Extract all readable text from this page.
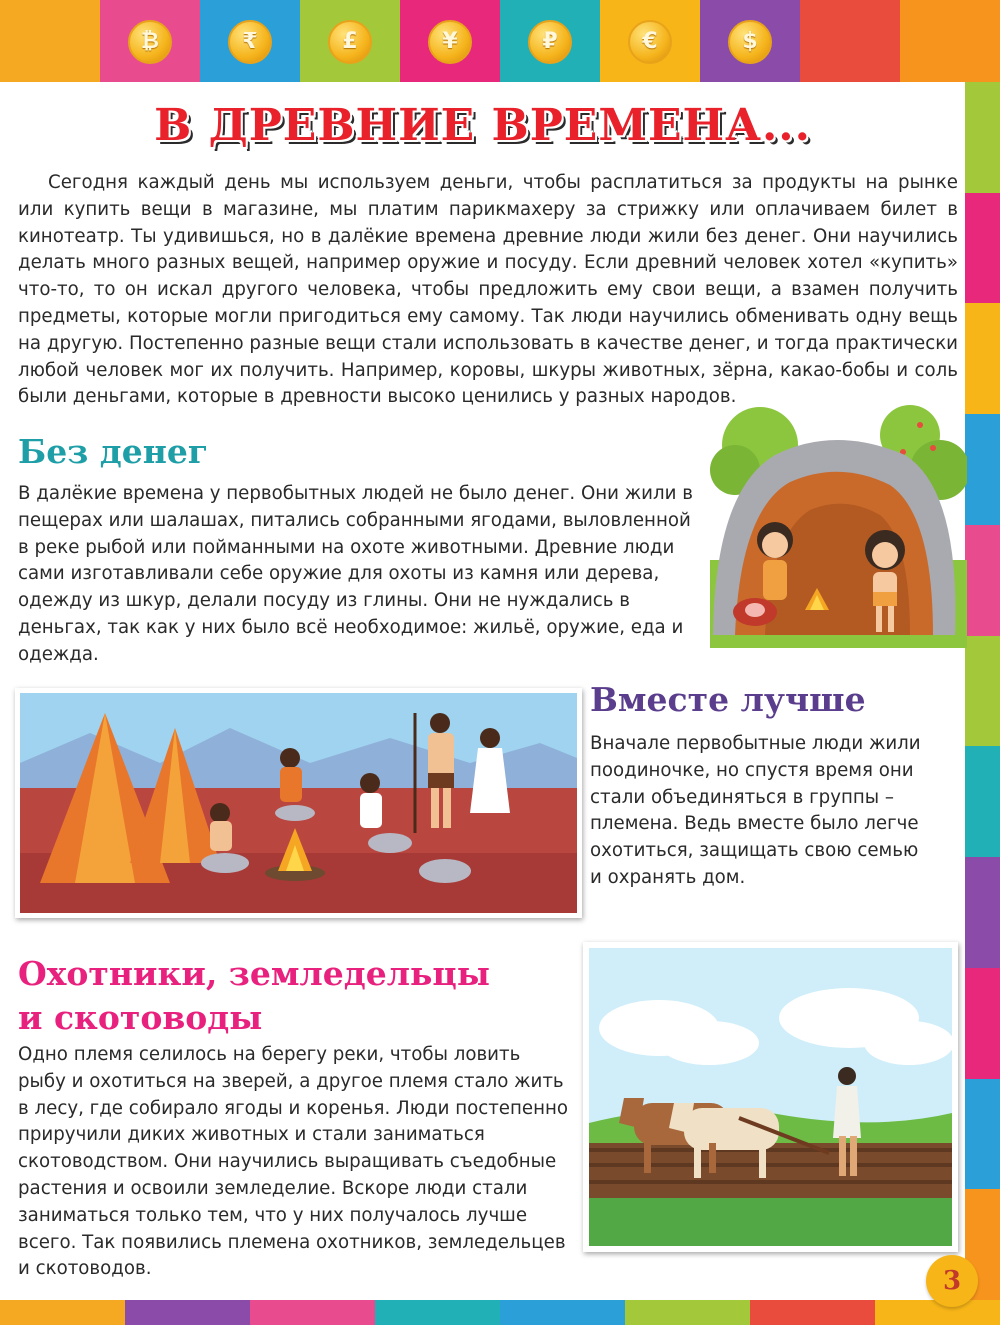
₿	₹	£	¥	₽	€	$
В ДРЕВНИЕ ВРЕМЕНА...

Сегодня каждый день мы используем деньги, чтобы расплатиться за продукты на рынке или купить вещи в магазине, мы платим парикмахеру за стрижку или оплачиваем билет в кинотеатр. Ты удивишься, но в далёкие времена древние люди жили без денег. Они научились делать много разных вещей, например оружие и посуду. Если древний человек хотел «купить» что-то, то он искал другого человека, чтобы предложить ему свои вещи, а взамен получить предметы, которые могли пригодиться ему самому. Так люди научились обменивать одну вещь на другую. Постепенно разные вещи стали использовать в качестве денег, и тогда практически любой человек мог их получить. Например, коровы, шкуры животных, зёрна, какао-бобы и соль были деньгами, которые в древности высоко ценились у разных народов.

Без денег

В далёкие времена у первобытных людей не было денег. Они жили в пещерах или шалашах, питались собранными ягодами, выловленной в реке рыбой или пойманными на охоте животными. Древние люди сами изготавливали себе оружие для охоты из камня или дерева, одежду из шкур, делали посуду из глины. Они не нуждались в деньгах, так как у них было всё необходимое: жильё, оружие, еда и одежда.

Вместе лучше

Вначале первобытные люди жили поодиночке, но спустя время они стали объединяться в группы – племена. Ведь вместе было легче охотиться, защищать свою семью и охранять дом.

Охотники, земледельцы
и скотоводы

Одно племя селилось на берегу реки, чтобы ловить рыбу и охотиться на зверей, а другое племя стало жить в лесу, где собирало ягоды и коренья. Люди постепенно приручили диких животных и стали заниматься скотоводством. Они научились выращивать съедобные растения и освоили земледелие. Вскоре люди стали заниматься только тем, что у них получалось лучше всего. Так появились племена охотников, земледельцев и скотоводов.	3
